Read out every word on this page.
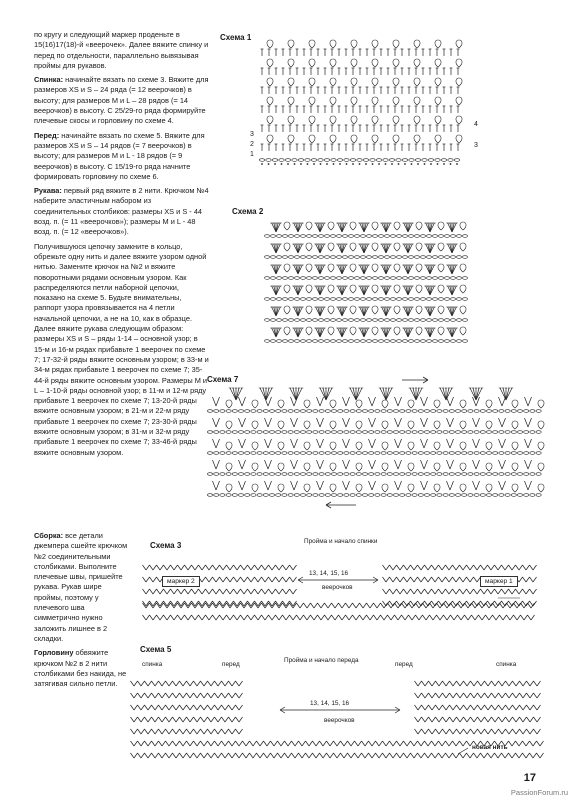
по кругу и следующий маркер проденьте в 15(16)17(18)-й «веерочек». Далее вяжите спинку и перед по отдельности, параллельно вывязывая проймы для рукавов.

Спинка: начинайте вязать по схеме 3. Вяжите для размеров XS и S – 24 ряда (= 12 веерочков) в высоту; для размеров M и L – 28 рядов (= 14 веерочков) в высоту. С 25/29-го ряда формируйте плечевые скосы и горловину по схеме 4.

Перед: начинайте вязать по схеме 5. Вяжите для размеров XS и S – 14 рядов (= 7 веерочков) в высоту; для размеров M и L - 18 рядов (= 9 веерочков) в высоту. С 15/19-го ряда начните формировать горловину по схеме 6.

Рукава: первый ряд вяжите в 2 нити. Крючком №4 наберите эластичным набором из соединительных столбиков: размеры XS и S - 44 возд. п. (= 11 «веерочков»); размеры M и L - 48 возд. п. (= 12 «веерочков»).

Получившуюся цепочку замкните в кольцо, обрежьте одну нить и далее вяжите узором одной нитью. Замените крючок на №2 и вяжите поворотными рядами основным узором. Как распределяются петли наборной цепочки, показано на схеме 5. Будьте внимательны, раппорт узора провязывается на 4 петли начальной цепочки, а не на 10, как в образце. Далее вяжите рукава следующим образом: размеры XS и S – ряды 1-14 – основной узор; в 15-м и 16-м рядах прибавьте 1 веерочек по схеме 7; 17-32-й ряды вяжите основным узором; в 33-м и 34-м рядах прибавьте 1 веерочек по схеме 7; 35-44-й ряды вяжите основным узором. Размеры M и L – 1-10-й ряды основной узор; в 11-м и 12-м ряду прибавьте 1 веерочек по схеме 7; 13-20-й ряды вяжите основным узором; в 21-м и 22-м ряду прибавьте 1 веерочек по схеме 7; 23-30-й ряды вяжите основным узором; в 31-м и 32-м ряду прибавьте 1 веерочек по схеме 7; 33-46-й ряды вяжите основным узором.

Сборка: все детали джемпера сшейте крючком №2 соединительными столбиками. Выполните плечевые швы, пришейте рукава. Рукав шире проймы, поэтому у плечевого шва симметрично нужно заложить лишнее в 2 складки.

Горловину обвяжите крючком №2 в 2 нити столбиками без накида, не затягивая сильно петли.

Схема 1
3
2
1
4
3
Схема 2
Схема 7
Схема 3	Пройма и начало спинки
маркер 2	маркер 1
13, 14, 15, 16
веерочков
Схема 5
Пройма и начало переда
спинка	перед	перед	спинка
13, 14, 15, 16
веерочков
новая нить
17
PassionForum.ru
